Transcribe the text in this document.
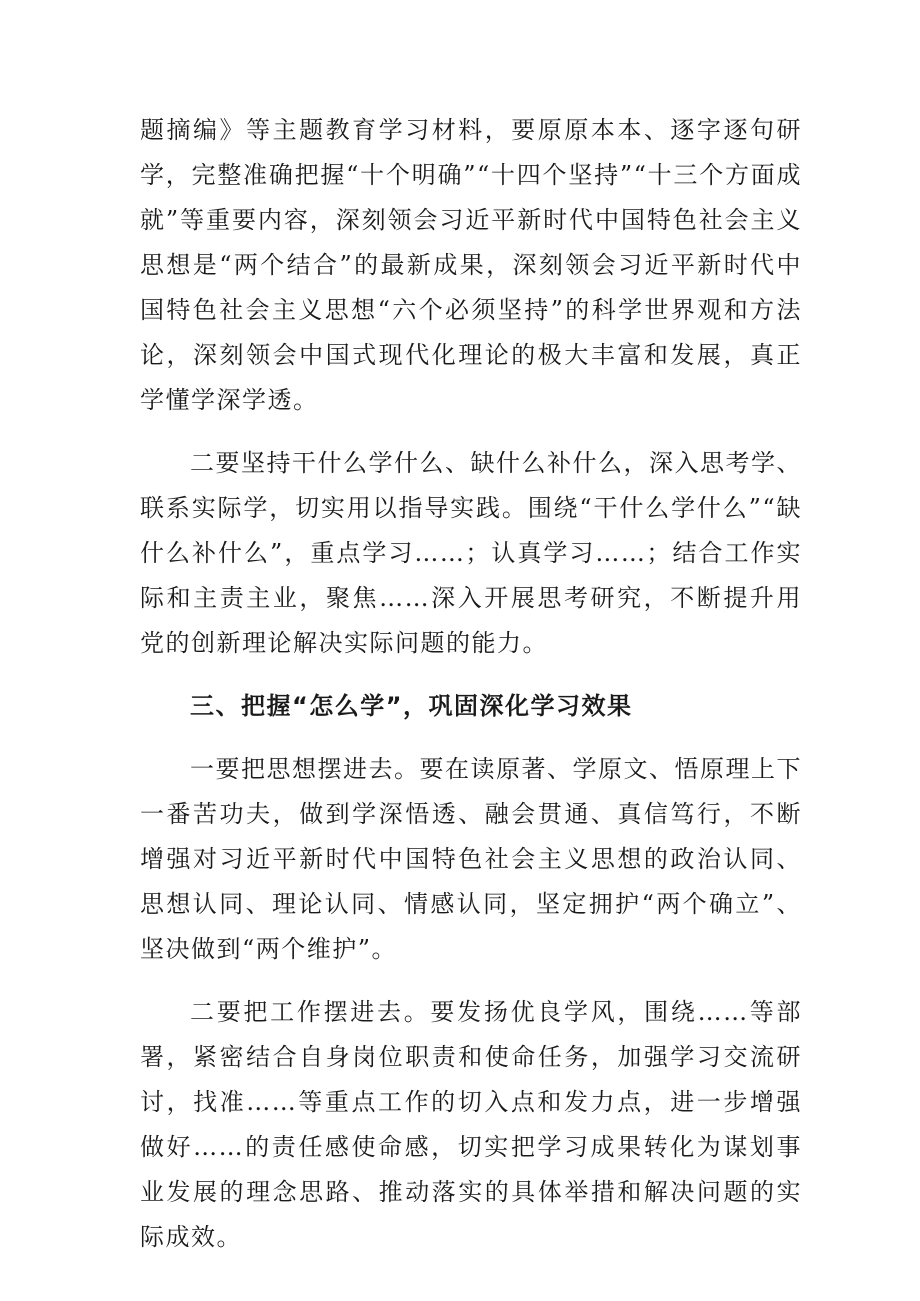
题摘编》等主题教育学习材料，要原原本本、逐字逐句研学，完整准确把握“十个明确”“十四个坚持”“十三个方面成就”等重要内容，深刻领会习近平新时代中国特色社会主义思想是“两个结合”的最新成果，深刻领会习近平新时代中国特色社会主义思想“六个必须坚持”的科学世界观和方法论，深刻领会中国式现代化理论的极大丰富和发展，真正学懂学深学透。

二要坚持干什么学什么、缺什么补什么，深入思考学、联系实际学，切实用以指导实践。围绕“干什么学什么”“缺什么补什么”，重点学习……；认真学习……；结合工作实际和主责主业，聚焦……深入开展思考研究，不断提升用党的创新理论解决实际问题的能力。

三、把握“怎么学”，巩固深化学习效果

一要把思想摆进去。要在读原著、学原文、悟原理上下一番苦功夫，做到学深悟透、融会贯通、真信笃行，不断增强对习近平新时代中国特色社会主义思想的政治认同、思想认同、理论认同、情感认同，坚定拥护“两个确立”、坚决做到“两个维护”。

二要把工作摆进去。要发扬优良学风，围绕……等部署，紧密结合自身岗位职责和使命任务，加强学习交流研讨，找准……等重点工作的切入点和发力点，进一步增强做好……的责任感使命感，切实把学习成果转化为谋划事业发展的理念思路、推动落实的具体举措和解决问题的实际成效。
